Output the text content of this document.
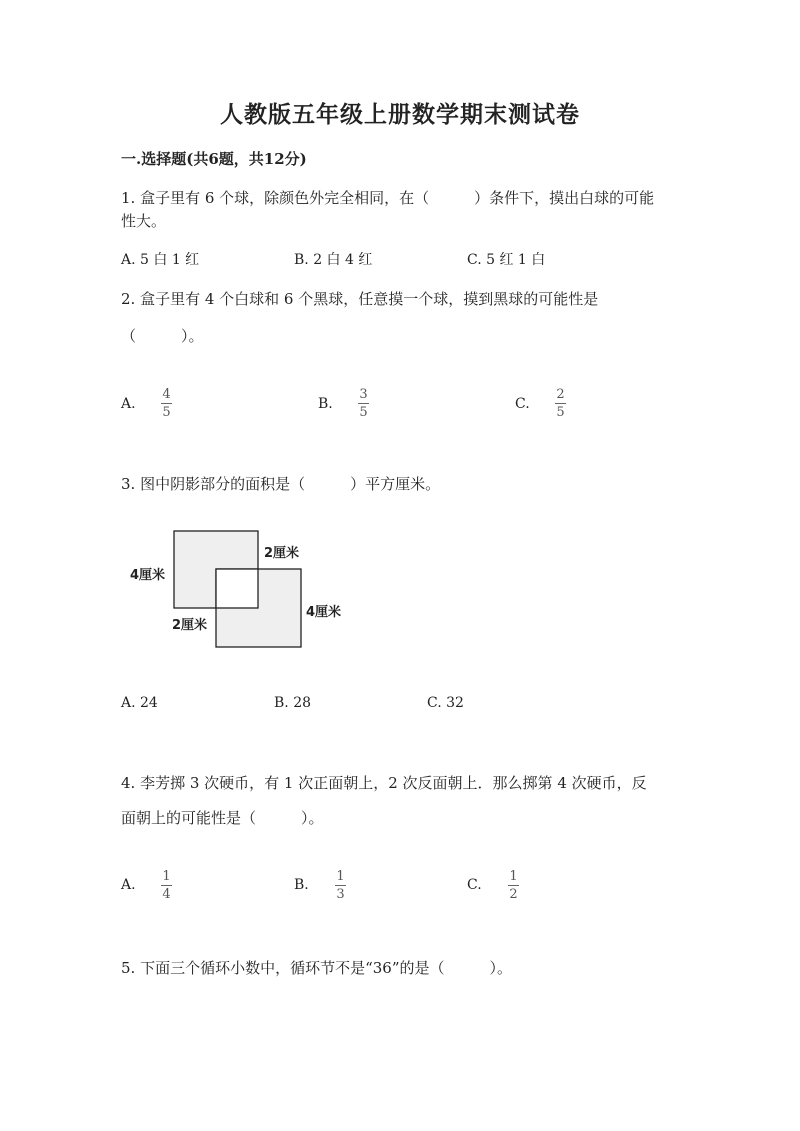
人教版五年级上册数学期末测试卷
一.选择题(共6题，共12分)
1. 盒子里有 6 个球，除颜色外完全相同，在（　　　）条件下，摸出白球的可能
性大。
A. 5 白 1 红	B. 2 白 4 红	C. 5 红 1 白
2. 盒子里有 4 个白球和 6 个黑球，任意摸一个球，摸到黑球的可能性是
（　　　）。
A.
4
5
B.
3
5
C.
2
5
3. 图中阴影部分的面积是（　　　）平方厘米。
4厘米
2厘米
2厘米
4厘米
A. 24	B. 28	C. 32
4. 李芳掷 3 次硬币，有 1 次正面朝上，2 次反面朝上．那么掷第 4 次硬币，反
面朝上的可能性是（　　　）。
A.
1
4
B.
1
3
C.
1
2
5. 下面三个循环小数中，循环节不是“36”的是（　　　）。
